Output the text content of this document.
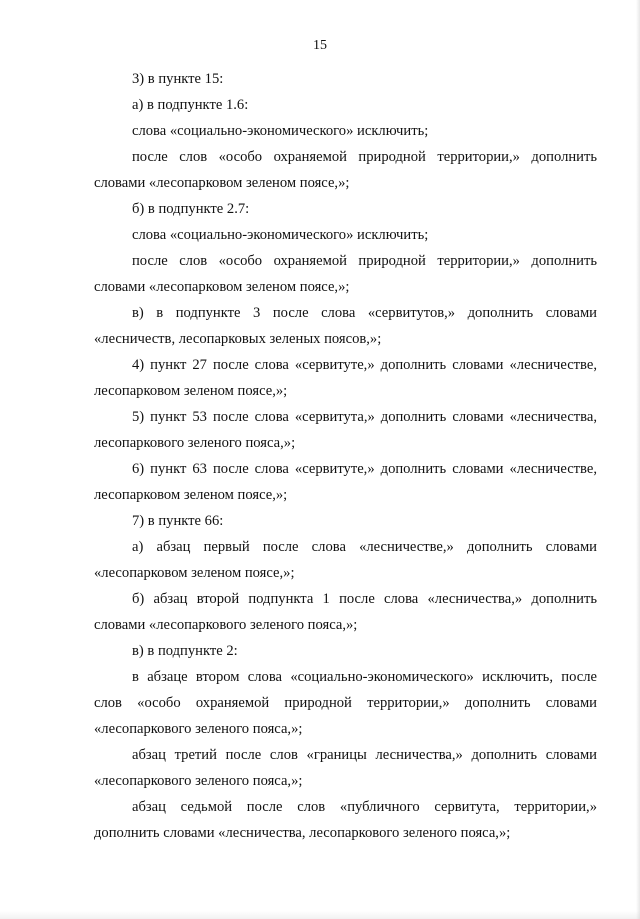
15

3) в пункте 15:

а) в подпункте 1.6:

слова «социально-экономического» исключить;

после слов «особо охраняемой природной территории,» дополнить словами «лесопарковом зеленом поясе,»;

б) в подпункте 2.7:

слова «социально-экономического» исключить;

после слов «особо охраняемой природной территории,» дополнить словами «лесопарковом зеленом поясе,»;

в) в подпункте 3 после слова «сервитутов,» дополнить словами «лесничеств, лесопарковых зеленых поясов,»;

4) пункт 27 после слова «сервитуте,» дополнить словами «лесничестве, лесопарковом зеленом поясе,»;

5) пункт 53 после слова «сервитута,» дополнить словами «лесничества, лесопаркового зеленого пояса,»;

6) пункт 63 после слова «сервитуте,» дополнить словами «лесничестве, лесопарковом зеленом поясе,»;

7) в пункте 66:

а) абзац первый после слова «лесничестве,» дополнить словами «лесопарковом зеленом поясе,»;

б) абзац второй подпункта 1 после слова «лесничества,» дополнить словами «лесопаркового зеленого пояса,»;

в) в подпункте 2:

в абзаце втором слова «социально-экономического» исключить, после слов «особо охраняемой природной территории,» дополнить словами «лесопаркового зеленого пояса,»;

абзац третий после слов «границы лесничества,» дополнить словами «лесопаркового зеленого пояса,»;

абзац седьмой после слов «публичного сервитута, территории,» дополнить словами «лесничества, лесопаркового зеленого пояса,»;
